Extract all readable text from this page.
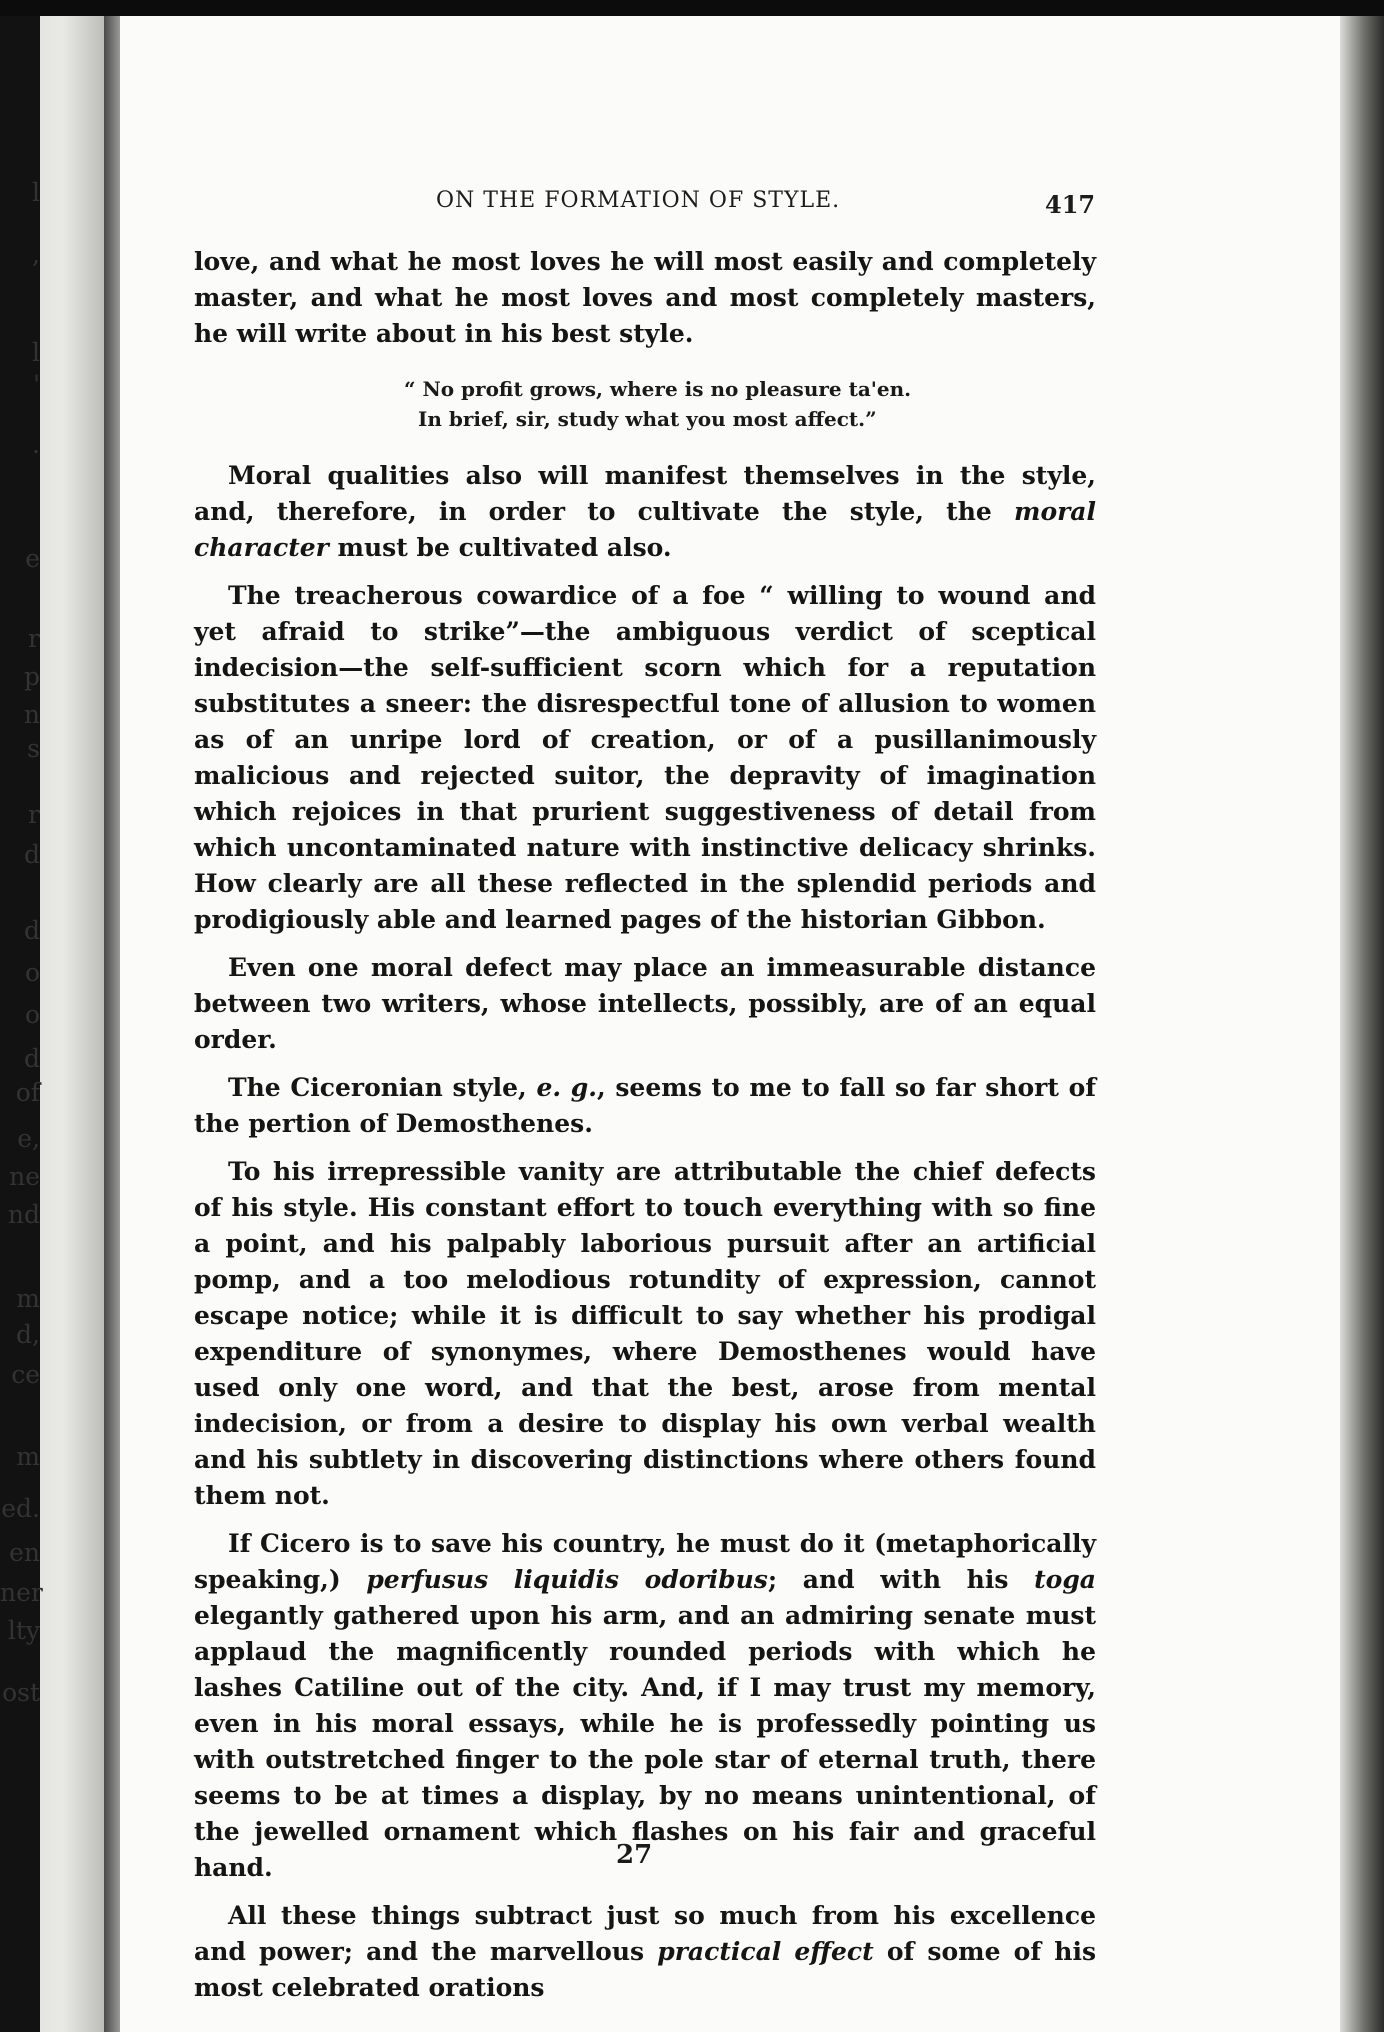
l
,
l
'
.
e
r
p
n
s
r
d
d
o
o
d
of
e,
ne
nd
m
d,
ce
m
ed.
en
ner
lty
ost
ON THE FORMATION OF STYLE.	417

love, and what he most loves he will most easily and completely master, and what he most loves and most completely masters, he will write about in his best style.

“ No profit grows, where is no pleasure ta'en.
In brief, sir, study what you most affect.”

Moral qualities also will manifest themselves in the style, and, therefore, in order to cultivate the style, the moral character must be cultivated also.

The treacherous cowardice of a foe “ willing to wound and yet afraid to strike”—the ambiguous verdict of sceptical indecision—the self-sufficient scorn which for a reputation substitutes a sneer: the disrespectful tone of allusion to women as of an unripe lord of creation, or of a pusillanimously malicious and rejected suitor, the depravity of imagination which rejoices in that prurient suggestiveness of detail from which uncontaminated nature with instinctive delicacy shrinks. How clearly are all these reflected in the splendid periods and prodigiously able and learned pages of the historian Gibbon.

Even one moral defect may place an immeasurable distance between two writers, whose intellects, possibly, are of an equal order.

The Ciceronian style, e. g., seems to me to fall so far short of the pertion of Demosthenes.

To his irrepressible vanity are attributable the chief defects of his style. His constant effort to touch everything with so fine a point, and his palpably laborious pursuit after an artificial pomp, and a too melodious rotundity of expression, cannot escape notice; while it is difficult to say whether his prodigal expenditure of synonymes, where Demosthenes would have used only one word, and that the best, arose from mental indecision, or from a desire to display his own verbal wealth and his subtlety in discovering distinctions where others found them not.

If Cicero is to save his country, he must do it (metaphorically speaking,) perfusus liquidis odoribus; and with his toga elegantly gathered upon his arm, and an admiring senate must applaud the magnificently rounded periods with which he lashes Catiline out of the city. And, if I may trust my memory, even in his moral essays, while he is professedly pointing us with outstretched finger to the pole star of eternal truth, there seems to be at times a display, by no means unintentional, of the jewelled ornament which flashes on his fair and graceful hand.

All these things subtract just so much from his excellence and power; and the marvellous practical effect of some of his most celebrated orations

27
